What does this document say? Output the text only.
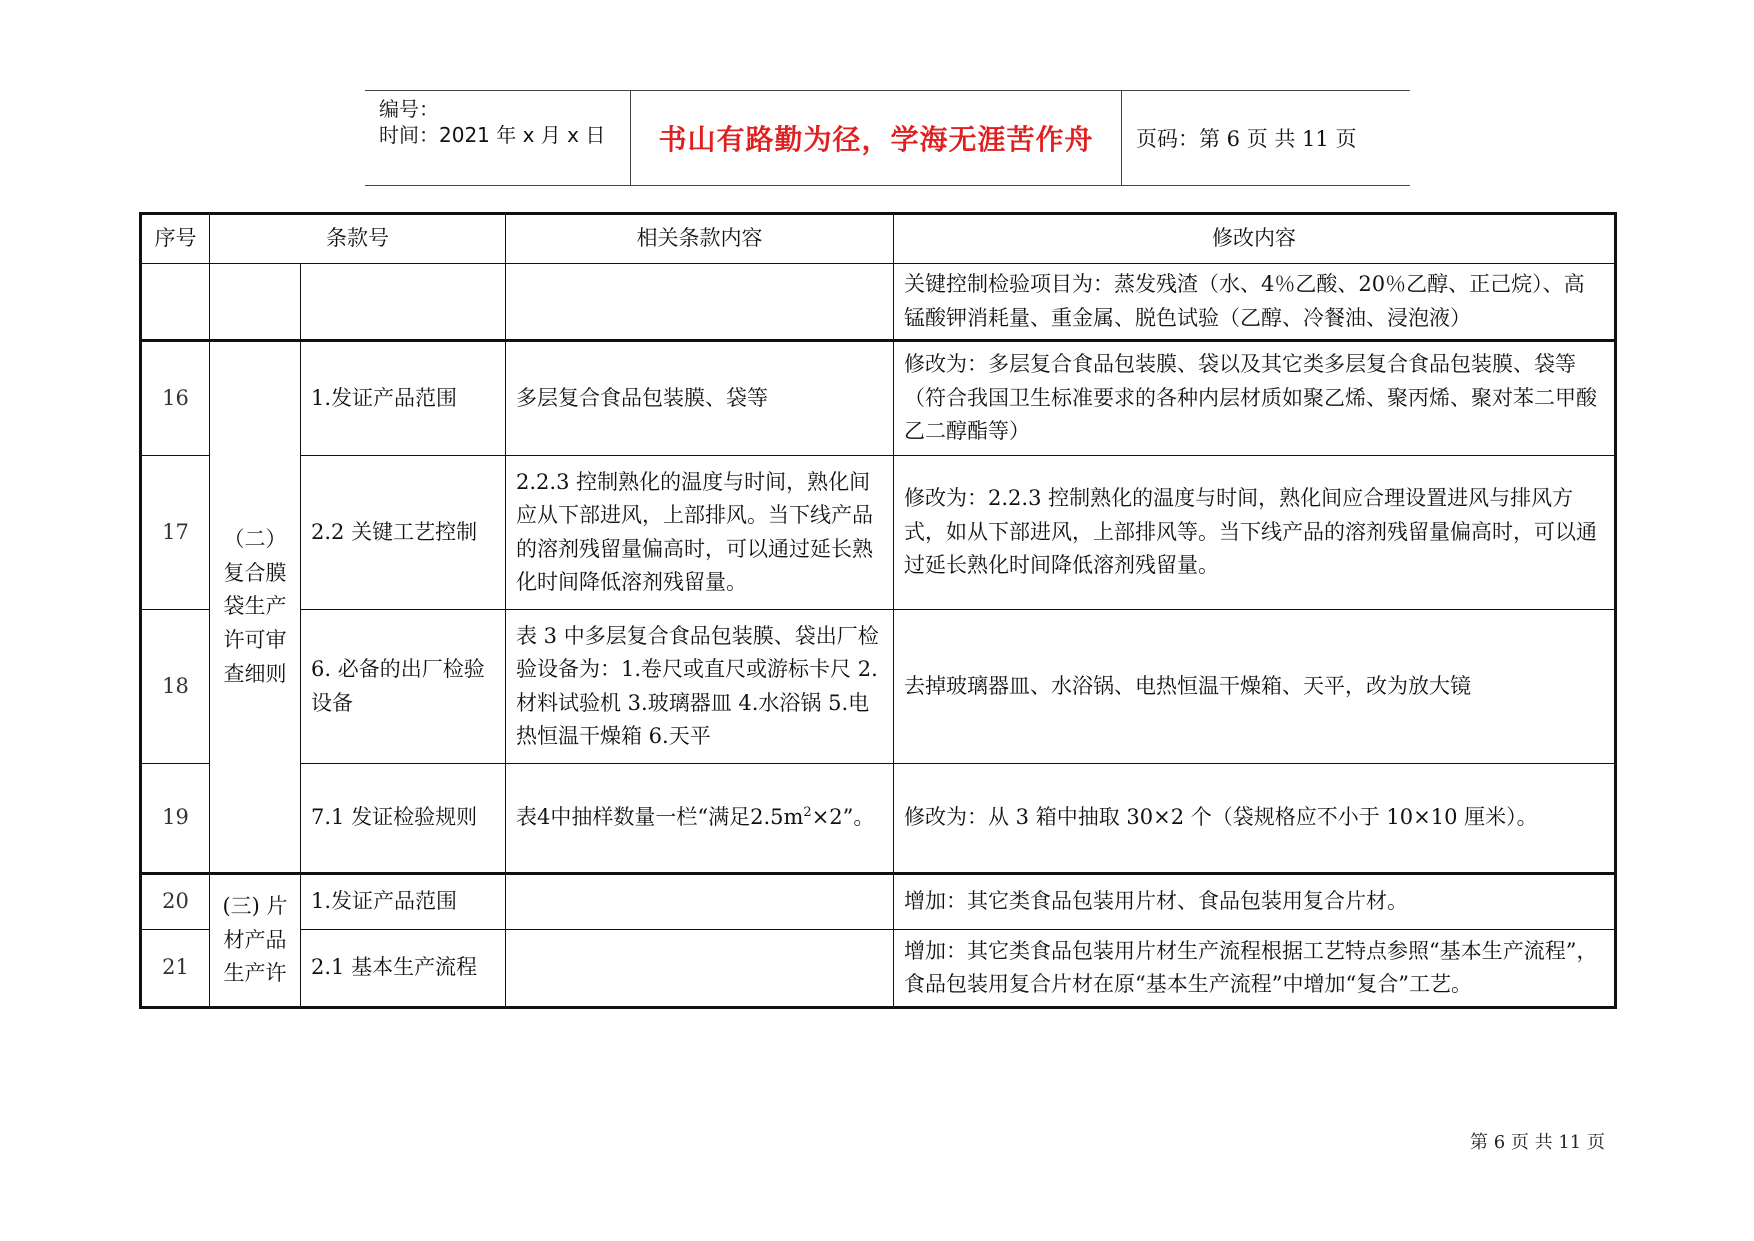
编号：
时间：2021 年 x 月 x 日 书山有路勤为径，学海无涯苦作舟 页码：第 6 页 共 11 页
序号	条款号		相关条款内容	修改内容
				关键控制检验项目为：蒸发残渣（水、4％乙酸、20％乙醇、正己烷）、高锰酸钾消耗量、重金属、脱色试验（乙醇、冷餐油、浸泡液）
16	（二）复合膜袋生产许可审查细则	1.发证产品范围	多层复合食品包装膜、袋等	修改为：多层复合食品包装膜、袋以及其它类多层复合食品包装膜、袋等（符合我国卫生标准要求的各种内层材质如聚乙烯、聚丙烯、聚对苯二甲酸乙二醇酯等）
17		2.2 关键工艺控制	2.2.3 控制熟化的温度与时间，熟化间应从下部进风，上部排风。当下线产品的溶剂残留量偏高时，可以通过延长熟化时间降低溶剂残留量。	修改为：2.2.3 控制熟化的温度与时间，熟化间应合理设置进风与排风方式，如从下部进风，上部排风等。当下线产品的溶剂残留量偏高时，可以通过延长熟化时间降低溶剂残留量。
18		6. 必备的出厂检验设备	表 3 中多层复合食品包装膜、袋出厂检验设备为：1.卷尺或直尺或游标卡尺 2.材料试验机 3.玻璃器皿 4.水浴锅 5.电热恒温干燥箱 6.天平	去掉玻璃器皿、水浴锅、电热恒温干燥箱、天平，改为放大镜
19		7.1 发证检验规则	表4中抽样数量一栏“满足$2.5m^2\times 2$”。	修改为：从 3 箱中抽取 30×2 个（袋规格应不小于 10×10 厘米）。
20	(三) 片材产品生产许	1.发证产品范围		增加：其它类食品包装用片材、食品包装用复合片材。
21		2.1 基本生产流程		增加：其它类食品包装用片材生产流程根据工艺特点参照“基本生产流程”，食品包装用复合片材在原“基本生产流程”中增加“复合”工艺。
第 6 页 共 11 页
